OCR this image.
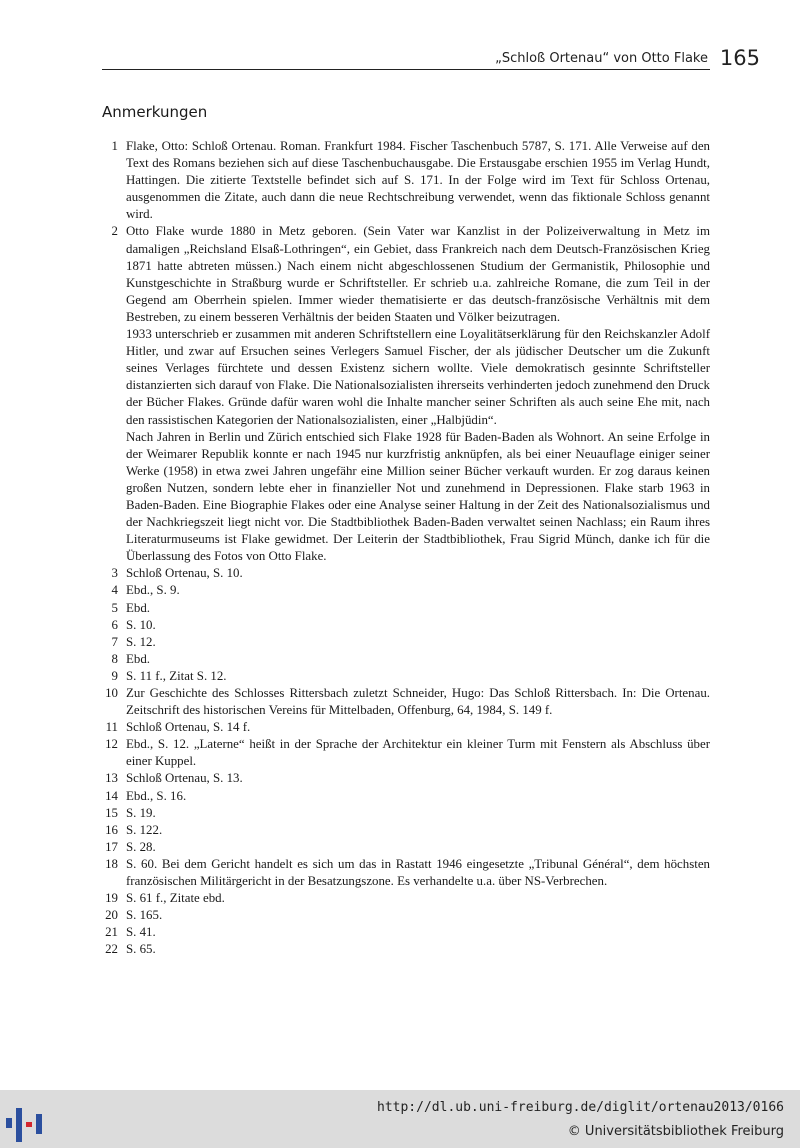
„Schloß Ortenau“ von Otto Flake 165
Anmerkungen
1 Flake, Otto: Schloß Ortenau. Roman. Frankfurt 1984. Fischer Taschenbuch 5787, S. 171. Alle Verweise auf den Text des Romans beziehen sich auf diese Taschenbuchausgabe. Die Erstausgabe erschien 1955 im Verlag Hundt, Hattingen. Die zitierte Textstelle befindet sich auf S. 171. In der Folge wird im Text für Schloss Ortenau, ausgenommen die Zitate, auch dann die neue Rechtschreibung verwendet, wenn das fiktionale Schloss genannt wird.

2 Otto Flake wurde 1880 in Metz geboren. (Sein Vater war Kanzlist in der Polizeiverwaltung in Metz im damaligen „Reichsland Elsaß-Lothringen“, ein Gebiet, dass Frankreich nach dem Deutsch-Französischen Krieg 1871 hatte abtreten müssen.) Nach einem nicht abgeschlossenen Studium der Germanistik, Philosophie und Kunstgeschichte in Straßburg wurde er Schriftsteller. Er schrieb u.a. zahlreiche Romane, die zum Teil in der Gegend am Oberrhein spielen. Immer wieder thematisierte er das deutsch-französische Verhältnis mit dem Bestreben, zu einem besseren Verhältnis der beiden Staaten und Völker beizutragen.

1933 unterschrieb er zusammen mit anderen Schriftstellern eine Loyalitätserklärung für den Reichskanzler Adolf Hitler, und zwar auf Ersuchen seines Verlegers Samuel Fischer, der als jüdischer Deutscher um die Zukunft seines Verlages fürchtete und dessen Existenz sichern wollte. Viele demokratisch gesinnte Schriftsteller distanzierten sich darauf von Flake. Die Nationalsozialisten ihrerseits verhinderten jedoch zunehmend den Druck der Bücher Flakes. Gründe dafür waren wohl die Inhalte mancher seiner Schriften als auch seine Ehe mit, nach den rassistischen Kategorien der Nationalsozialisten, einer „Halbjüdin“.

Nach Jahren in Berlin und Zürich entschied sich Flake 1928 für Baden-Baden als Wohnort. An seine Erfolge in der Weimarer Republik konnte er nach 1945 nur kurzfristig anknüpfen, als bei einer Neuauflage einiger seiner Werke (1958) in etwa zwei Jahren ungefähr eine Million seiner Bücher verkauft wurden. Er zog daraus keinen großen Nutzen, sondern lebte eher in finanzieller Not und zunehmend in Depressionen. Flake starb 1963 in Baden-Baden. Eine Biographie Flakes oder eine Analyse seiner Haltung in der Zeit des Nationalsozialismus und der Nachkriegszeit liegt nicht vor. Die Stadtbibliothek Baden-Baden verwaltet seinen Nachlass; ein Raum ihres Literaturmuseums ist Flake gewidmet. Der Leiterin der Stadtbibliothek, Frau Sigrid Münch, danke ich für die Überlassung des Fotos von Otto Flake.

3 Schloß Ortenau, S. 10.

4 Ebd., S. 9.

5 Ebd.

6 S. 10.

7 S. 12.

8 Ebd.

9 S. 11 f., Zitat S. 12.

10 Zur Geschichte des Schlosses Rittersbach zuletzt Schneider, Hugo: Das Schloß Rittersbach. In: Die Ortenau. Zeitschrift des historischen Vereins für Mittelbaden, Offenburg, 64, 1984, S. 149 f.

11 Schloß Ortenau, S. 14 f.

12 Ebd., S. 12. „Laterne“ heißt in der Sprache der Architektur ein kleiner Turm mit Fenstern als Abschluss über einer Kuppel.

13 Schloß Ortenau, S. 13.

14 Ebd., S. 16.

15 S. 19.

16 S. 122.

17 S. 28.

18 S. 60. Bei dem Gericht handelt es sich um das in Rastatt 1946 eingesetzte „Tribunal Général“, dem höchsten französischen Militärgericht in der Besatzungszone. Es verhandelte u.a. über NS-Verbrechen.

19 S. 61 f., Zitate ebd.

20 S. 165.

21 S. 41.

22 S. 65.

http://dl.ub.uni-freiburg.de/diglit/ortenau2013/0166
© Universitätsbibliothek Freiburg
